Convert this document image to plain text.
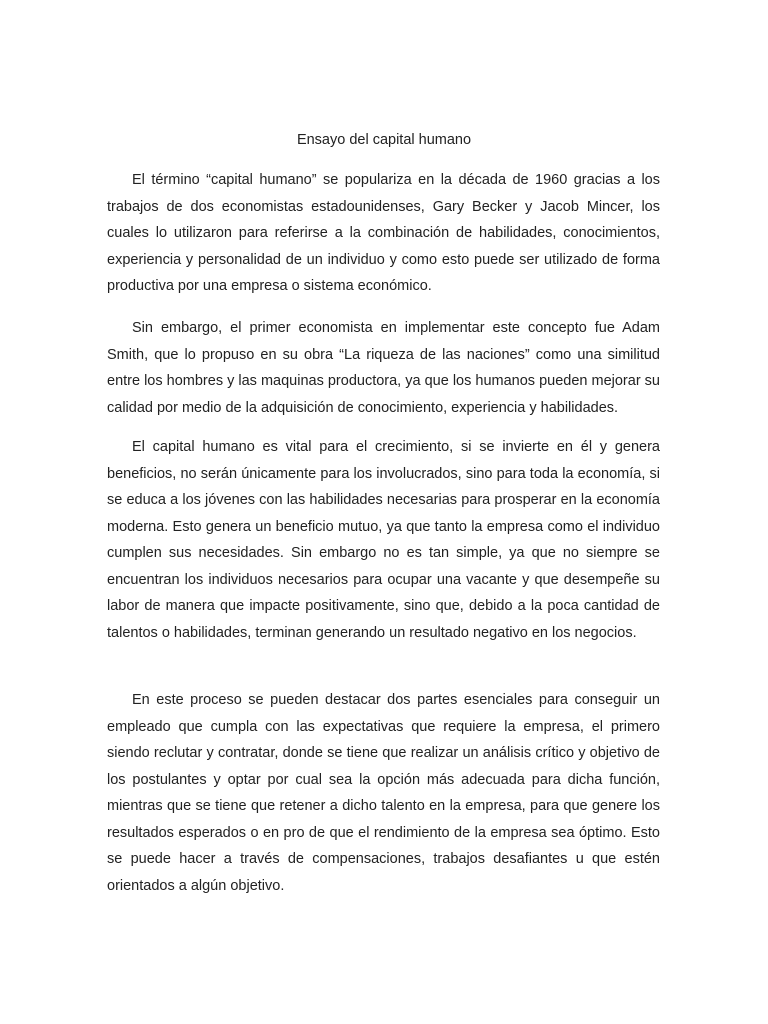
Ensayo del capital humano

El término “capital humano” se populariza en la década de 1960 gracias a los trabajos de dos economistas estadounidenses, Gary Becker y Jacob Mincer, los cuales lo utilizaron para referirse a la combinación de habilidades, conocimientos, experiencia y personalidad de un individuo y como esto puede ser utilizado de forma productiva por una empresa o sistema económico.

Sin embargo, el primer economista en implementar este concepto fue Adam Smith, que lo propuso en su obra “La riqueza de las naciones” como una similitud entre los hombres y las maquinas productora, ya que los humanos pueden mejorar su calidad por medio de la adquisición de conocimiento, experiencia y habilidades.

El capital humano es vital para el crecimiento, si se invierte en él y genera beneficios, no serán únicamente para los involucrados, sino para toda la economía, si se educa a los jóvenes con las habilidades necesarias para prosperar en la economía moderna. Esto genera un beneficio mutuo, ya que tanto la empresa como el individuo cumplen sus necesidades. Sin embargo no es tan simple, ya que no siempre se encuentran los individuos necesarios para ocupar una vacante y que desempeñe su labor de manera que impacte positivamente, sino que, debido a la poca cantidad de talentos o habilidades, terminan generando un resultado negativo en los negocios.

En este proceso se pueden destacar dos partes esenciales para conseguir un empleado que cumpla con las expectativas que requiere la empresa, el primero siendo reclutar y contratar, donde se tiene que realizar un análisis crítico y objetivo de los postulantes y optar por cual sea la opción más adecuada para dicha función, mientras que se tiene que retener a dicho talento en la empresa, para que genere los resultados esperados o en pro de que el rendimiento de la empresa sea óptimo. Esto se puede hacer a través de compensaciones, trabajos desafiantes u que estén orientados a algún objetivo.
